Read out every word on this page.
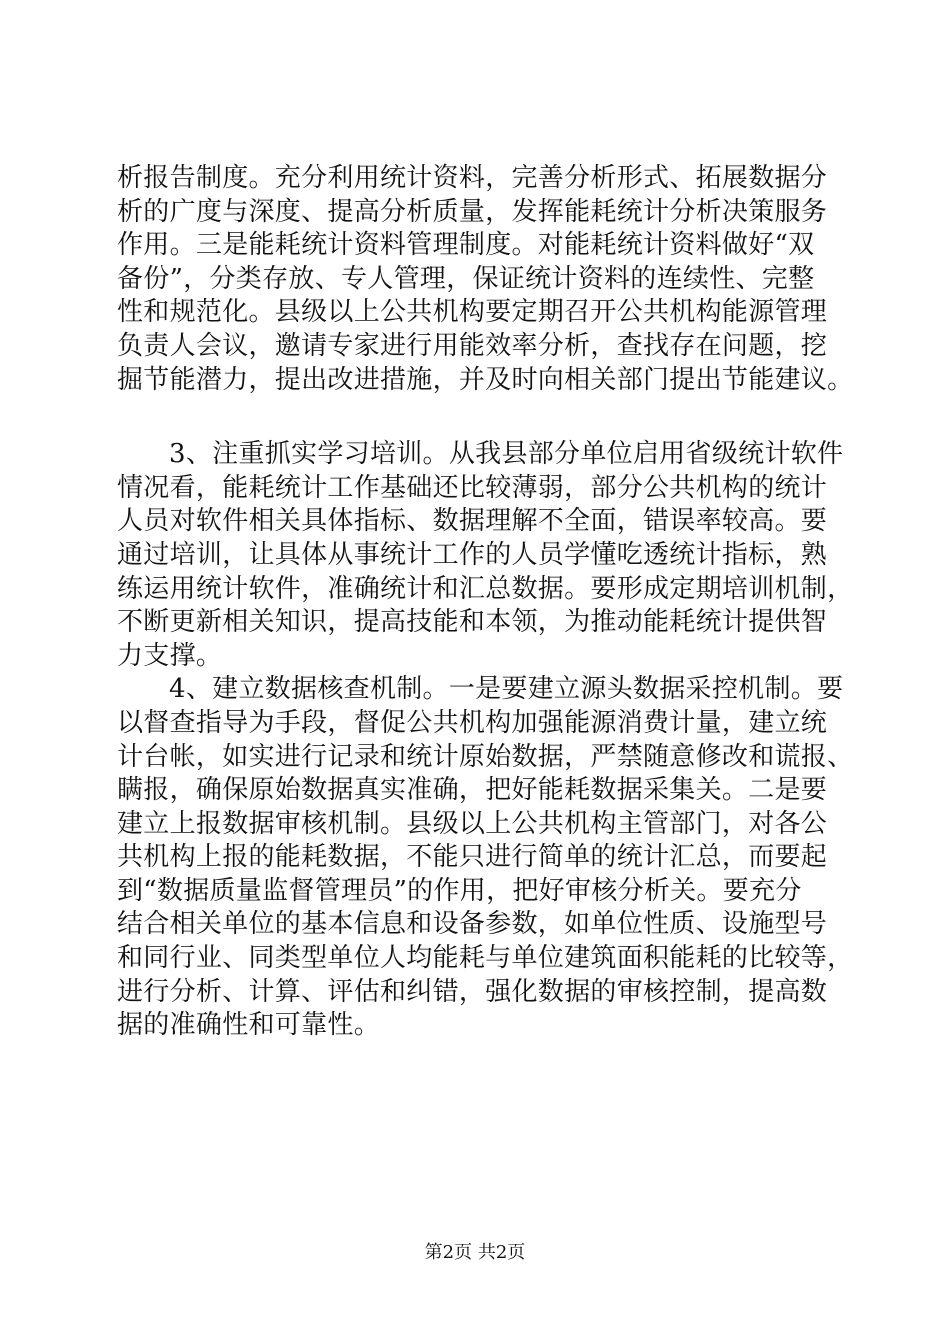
析报告制度。充分利用统计资料，完善分析形式、拓展数据分
析的广度与深度、提高分析质量，发挥能耗统计分析决策服务
作用。三是能耗统计资料管理制度。对能耗统计资料做好“双
备份”，分类存放、专人管理，保证统计资料的连续性、完整
性和规范化。县级以上公共机构要定期召开公共机构能源管理
负责人会议，邀请专家进行用能效率分析，查找存在问题，挖
掘节能潜力，提出改进措施，并及时向相关部门提出节能建议。
3、注重抓实学习培训。从我县部分单位启用省级统计软件
情况看，能耗统计工作基础还比较薄弱，部分公共机构的统计
人员对软件相关具体指标、数据理解不全面，错误率较高。要
通过培训，让具体从事统计工作的人员学懂吃透统计指标，熟
练运用统计软件，准确统计和汇总数据。要形成定期培训机制，
不断更新相关知识，提高技能和本领，为推动能耗统计提供智
力支撑。
4、建立数据核查机制。一是要建立源头数据采控机制。要
以督查指导为手段，督促公共机构加强能源消费计量，建立统
计台帐，如实进行记录和统计原始数据，严禁随意修改和谎报、
瞒报，确保原始数据真实准确，把好能耗数据采集关。二是要
建立上报数据审核机制。县级以上公共机构主管部门，对各公
共机构上报的能耗数据，不能只进行简单的统计汇总，而要起
到“数据质量监督管理员”的作用，把好审核分析关。要充分
结合相关单位的基本信息和设备参数，如单位性质、设施型号
和同行业、同类型单位人均能耗与单位建筑面积能耗的比较等，
进行分析、计算、评估和纠错，强化数据的审核控制，提高数
据的准确性和可靠性。
第2页 共2页
